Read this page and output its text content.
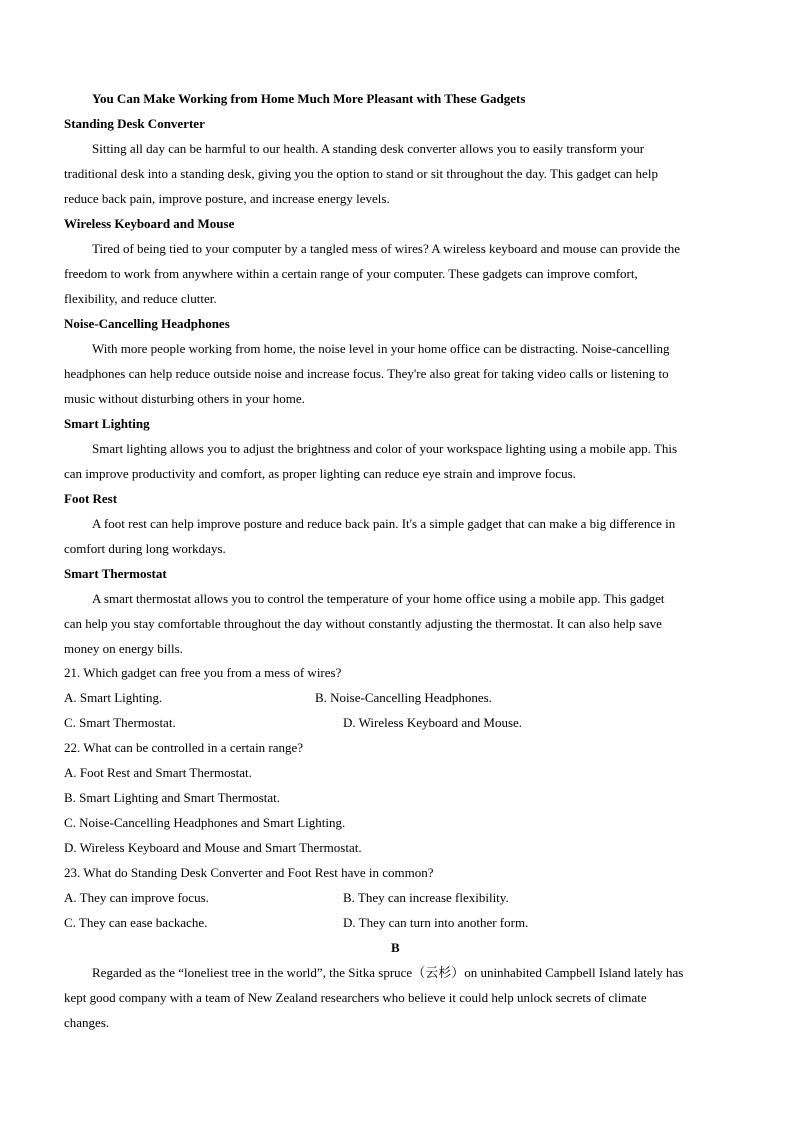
You Can Make Working from Home Much More Pleasant with These Gadgets
Standing Desk Converter
Sitting all day can be harmful to our health. A standing desk converter allows you to easily transform your
traditional desk into a standing desk, giving you the option to stand or sit throughout the day. This gadget can help
reduce back pain, improve posture, and increase energy levels.
Wireless Keyboard and Mouse
Tired of being tied to your computer by a tangled mess of wires? A wireless keyboard and mouse can provide the
freedom to work from anywhere within a certain range of your computer. These gadgets can improve comfort,
flexibility, and reduce clutter.
Noise-Cancelling Headphones
With more people working from home, the noise level in your home office can be distracting. Noise-cancelling
headphones can help reduce outside noise and increase focus. They're also great for taking video calls or listening to
music without disturbing others in your home.
Smart Lighting
Smart lighting allows you to adjust the brightness and color of your workspace lighting using a mobile app. This
can improve productivity and comfort, as proper lighting can reduce eye strain and improve focus.
Foot Rest
A foot rest can help improve posture and reduce back pain. It's a simple gadget that can make a big difference in
comfort during long workdays.
Smart Thermostat
A smart thermostat allows you to control the temperature of your home office using a mobile app. This gadget
can help you stay comfortable throughout the day without constantly adjusting the thermostat. It can also help save
money on energy bills.
21. Which gadget can free you from a mess of wires?
A. Smart Lighting.	B. Noise-Cancelling Headphones.
C. Smart Thermostat.	D. Wireless Keyboard and Mouse.
22. What can be controlled in a certain range?
A. Foot Rest and Smart Thermostat.
B. Smart Lighting and Smart Thermostat.
C. Noise-Cancelling Headphones and Smart Lighting.
D. Wireless Keyboard and Mouse and Smart Thermostat.
23. What do Standing Desk Converter and Foot Rest have in common?
A. They can improve focus.	B. They can increase flexibility.
C. They can ease backache.	D. They can turn into another form.
B
Regarded as the “loneliest tree in the world”, the Sitka spruce（云杉）on uninhabited Campbell Island lately has
kept good company with a team of New Zealand researchers who believe it could help unlock secrets of climate
changes.
